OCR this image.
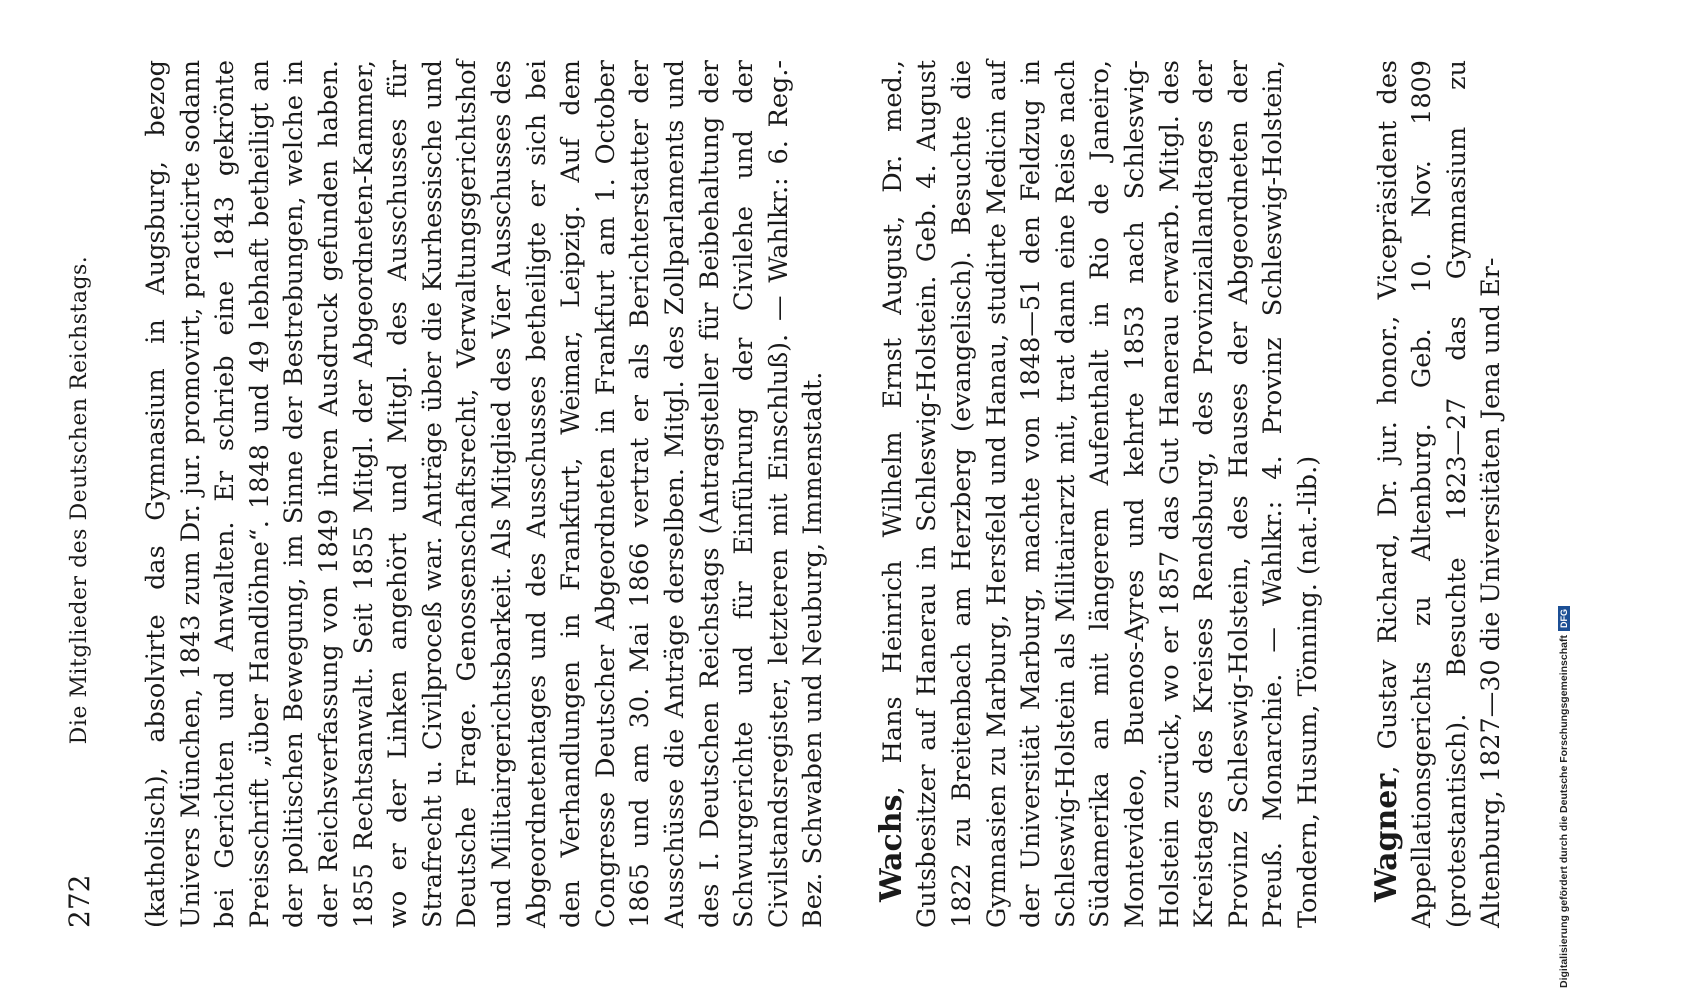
272
Die Mitglieder des Deutschen Reichstags. (katholisch), absolvirte das Gymnasium in Augsburg, bezog Univers München, 1843 zum Dr. jur. promovirt, practicirte sodann bei Gerichten und Anwalten. Er schrieb eine 1843 gekrönte Preisschrift „über Handlöhne“. 1848 und 49 lebhaft betheiligt an der politischen Bewegung, im Sinne der Bestrebungen, welche in der Reichsverfassung von 1849 ihren Ausdruck gefunden haben. 1855 Rechtsanwalt. Seit 1855 Mitgl. der Abgeordneten-Kammer, wo er der Linken angehört und Mitgl. des Ausschusses für Strafrecht u. Civilproceß war. Anträge über die Kurhessische und Deutsche Frage. Genossenschaftsrecht, Verwaltungsgerichtshof und Militairgerichtsbarkeit. Als Mitglied des Vier Ausschusses des Abgeordnetentages und des Ausschusses betheiligte er sich bei den Verhandlungen in Frankfurt, Weimar, Leipzig. Auf dem Congresse Deutscher Abgeordneten in Frankfurt am 1. October 1865 und am 30. Mai 1866 vertrat er als Berichterstatter der Ausschüsse die Anträge derselben. Mitgl. des Zollparlaments und des I. Deutschen Reichstags (Antragsteller für Beibehaltung der Schwurgerichte und für Einführung der Civilehe und der Civilstandsregister, letzteren mit Einschluß). — Wahlkr.: 6. Reg.-Bez. Schwaben und Neuburg, Immenstadt. Wachs, Hans Heinrich Wilhelm Ernst August, Dr. med., Gutsbesitzer auf Hanerau in Schleswig-Holstein. Geb. 4. August 1822 zu Breitenbach am Herzberg (evangelisch). Besuchte die Gymnasien zu Marburg, Hersfeld und Hanau, studirte Medicin auf der Universität Marburg, machte von 1848—51 den Feldzug in Schleswig-Holstein als Militairarzt mit, trat dann eine Reise nach Südamerika an mit längerem Aufenthalt in Rio de Janeiro, Montevideo, Buenos-Ayres und kehrte 1853 nach Schleswig-Holstein zurück, wo er 1857 das Gut Hanerau erwarb. Mitgl. des Kreistages des Kreises Rendsburg, des Provinziallandtages der Provinz Schleswig-Holstein, des Hauses der Abgeordneten der Preuß. Monarchie. — Wahlkr.: 4. Provinz Schleswig-Holstein, Tondern, Husum, Tönning. (nat.-lib.) Wagner, Gustav Richard, Dr. jur. honor., Vicepräsident des Appellationsgerichts zu Altenburg. Geb. 10. Nov. 1809 (protestantisch). Besuchte 1823—27 das Gymnasium zu Altenburg, 1827—30 die Universitäten Jena und Er-	Digitalisierung gefördert durch die Deutsche ForschungsgemeinschaftDFG
